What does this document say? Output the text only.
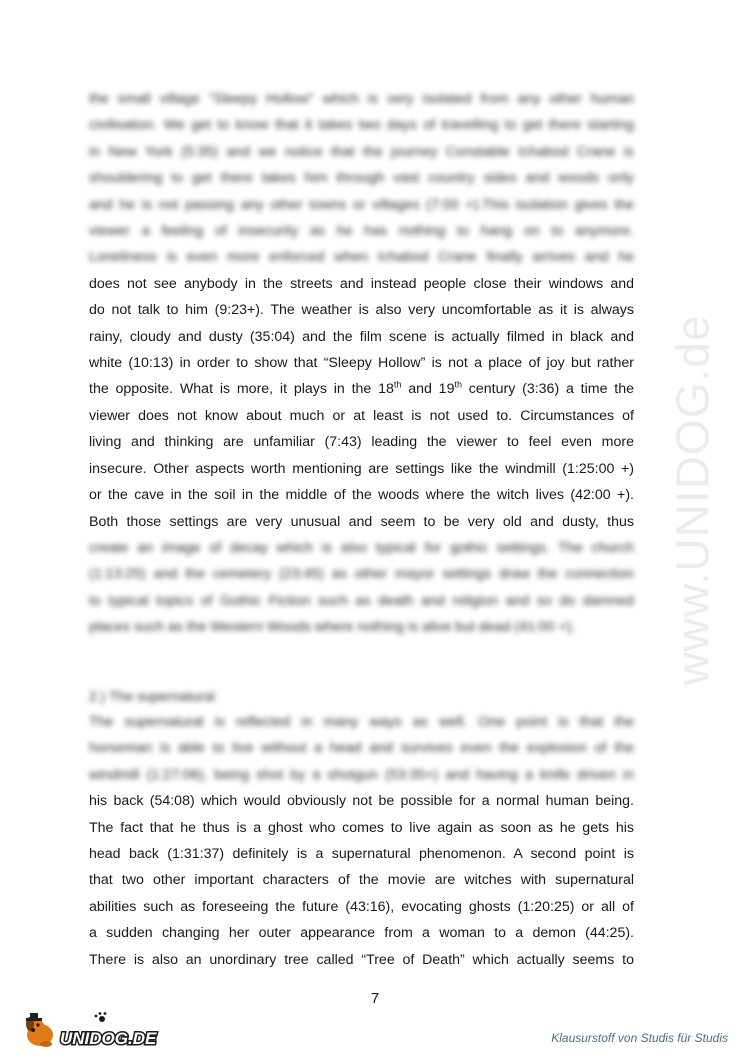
www.UNIDOG.de

the small village "Sleepy Hollow" which is very isolated from any other human
civilisation. We get to know that it takes two days of travelling to get there starting
in New York (5:35) and we notice that the journey Constable Ichabod Crane is
shouldering to get there takes him through vast country sides and woods only
and he is not passing any other towns or villages (7:00 +).This isolation gives the
viewer a feeling of insecurity as he has nothing to hang on to anymore.
Loneliness is even more enforced when Ichabod Crane finally arrives and he

does not see anybody in the streets and instead people close their windows and
do not talk to him (9:23+). The weather is also very uncomfortable as it is always
rainy, cloudy and dusty (35:04) and the film scene is actually filmed in black and
white (10:13) in order to show that “Sleepy Hollow” is not a place of joy but rather

the opposite. What is more, it plays in the 18th and 19th century (3:36) a time the

viewer does not know about much or at least is not used to. Circumstances of
living and thinking are unfamiliar (7:43) leading the viewer to feel even more
insecure. Other aspects worth mentioning are settings like the windmill (1:25:00 +)
or the cave in the soil in the middle of the woods where the witch lives (42:00 +).
Both those settings are very unusual and seem to be very old and dusty, thus

create an image of decay which is also typical for gothic settings. The church
(1:13:25) and the cemetery (23:45) as other mayor settings draw the connection
to typical topics of Gothic Fiction such as death and religion and so do damned
places such as the Western Woods where nothing is alive but dead (41:00 +).

2.) The supernatural

The supernatural is reflected in many ways as well. One point is that the
horseman is able to live without a head and survives even the explosion of the
windmill (1:27:06), being shot by a shotgun (53:35+) and having a knife driven in

his back (54:08) which would obviously not be possible for a normal human being.
The fact that he thus is a ghost who comes to live again as soon as he gets his
head back (1:31:37) definitely is a supernatural phenomenon. A second point is
that two other important characters of the movie are witches with supernatural
abilities such as foreseeing the future (43:16), evocating ghosts (1:20:25) or all of
a sudden changing her outer appearance from a woman to a demon (44:25).
There is also an unordinary tree called “Tree of Death” which actually seems to

7
UNIDOG.DE	Klausurstoff von Studis für Studis
